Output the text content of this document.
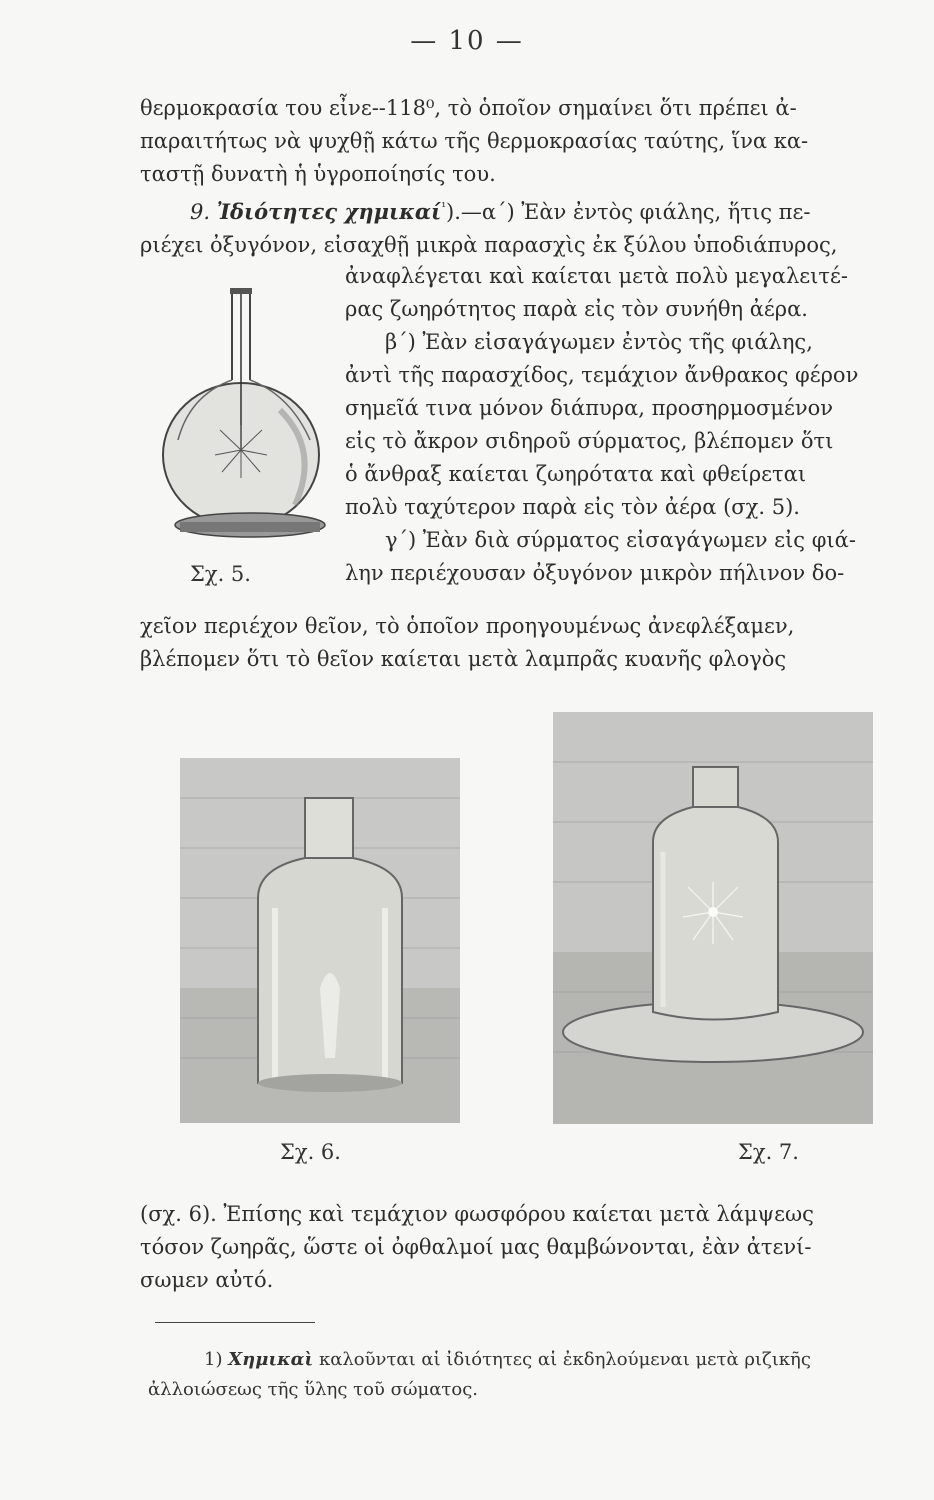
— 10 —
θερμοκρασία του εἶνε--118⁰, τὸ ὁποῖον σημαίνει ὅτι πρέπει ἀ-
παραιτήτως νὰ ψυχθῇ κάτω τῆς θερμοκρασίας ταύτης, ἵνα κα-
ταστῇ δυνατὴ ἡ ὑγροποίησίς του.
9. Ἰδιότητες χημικαί$^{^1}$).—α΄) Ἐὰν ἐντὸς φιάλης, ἥτις πε-
ριέχει ὀξυγόνον, εἰσαχθῇ μικρὰ παρασχὶς ἐκ ξύλου ὑποδιάπυρος,
ἀναφλέγεται καὶ καίεται μετὰ πολὺ μεγαλειτέ-
ρας ζωηρότητος παρὰ εἰς τὸν συνήθη ἀέρα.
β΄) Ἐὰν εἰσαγάγωμεν ἐντὸς τῆς φιάλης,
ἀντὶ τῆς παρασχίδος, τεμάχιον ἄνθρακος φέρον
σημεῖά τινα μόνον διάπυρα, προσηρμοσμένον
εἰς τὸ ἄκρον σιδηροῦ σύρματος, βλέπομεν ὅτι
ὁ ἄνθραξ καίεται ζωηρότατα καὶ φθείρεται
πολὺ ταχύτερον παρὰ εἰς τὸν ἀέρα (σχ. 5).
γ΄) Ἐὰν διὰ σύρματος εἰσαγάγωμεν εἰς φιά-
λην περιέχουσαν ὀξυγόνον μικρὸν πήλινον δο-
Σχ. 5.
χεῖον περιέχον θεῖον, τὸ ὁποῖον προηγουμένως ἀνεφλέξαμεν,
βλέπομεν ὅτι τὸ θεῖον καίεται μετὰ λαμπρᾶς κυανῆς φλογὸς
Σχ. 6.	Σχ. 7.
(σχ. 6). Ἐπίσης καὶ τεμάχιον φωσφόρου καίεται μετὰ λάμψεως
τόσον ζωηρᾶς, ὥστε οἱ ὀφθαλμοί μας θαμβώνονται, ἐὰν ἀτενί-
σωμεν αὐτό.
1) Χημικαὶ καλοῦνται αἱ ἰδιότητες αἱ ἐκδηλούμεναι μετὰ ριζικῆς
ἀλλοιώσεως τῆς ὕλης τοῦ σώματος.
